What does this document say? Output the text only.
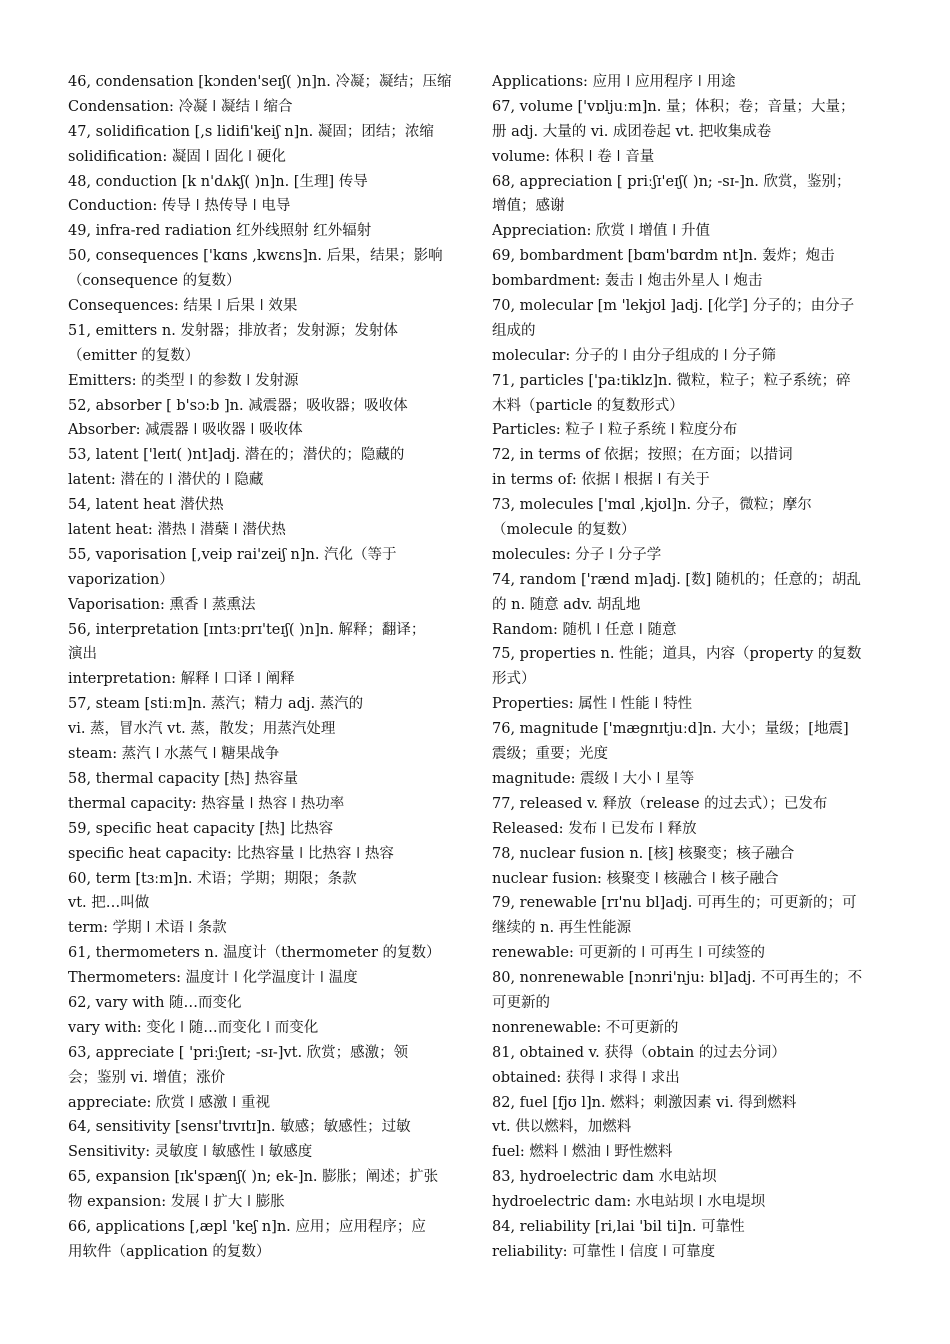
46, condensation [kɔnden'seɪʃ( )n]n. 冷凝；凝结；压缩

Condensation: 冷凝 ǀ 凝结 ǀ 缩合

47, solidification [,s lidifi'keiʃ n]n. 凝固；团结；浓缩

solidification: 凝固 ǀ 固化 ǀ 硬化

48, conduction [k n'dʌkʃ( )n]n. [生理] 传导

Conduction: 传导 ǀ 热传导 ǀ 电导

49, infra-red radiation 红外线照射 红外辐射

50, consequences ['kɑns ,kwɛns]n. 后果，结果；影响

（consequence 的复数）

Consequences: 结果 ǀ 后果 ǀ 效果

51, emitters n. 发射器；排放者；发射源；发射体

（emitter 的复数）

Emitters: 的类型 ǀ 的参数 ǀ 发射源

52, absorber [ b'sɔ:b ]n. 减震器；吸收器；吸收体

Absorber: 减震器 ǀ 吸收器 ǀ 吸收体

53, latent ['leɪt( )nt]adj. 潜在的；潜伏的；隐藏的

latent: 潜在的 ǀ 潜伏的 ǀ 隐藏

54, latent heat 潜伏热

latent heat: 潜热 ǀ 潜蘖 ǀ 潜伏热

55, vaporisation [,veip rai'zeiʃ n]n. 汽化（等于

vaporization）

Vaporisation: 熏香 ǀ 蒸熏法

56, interpretation [ɪntɜːprɪ'teɪʃ( )n]n. 解释；翻译；

演出

interpretation: 解释 ǀ 口译 ǀ 阐释

57, steam [stiːm]n. 蒸汽；精力 adj. 蒸汽的

vi. 蒸，冒水汽 vt. 蒸，散发；用蒸汽处理

steam: 蒸汽 ǀ 水蒸气 ǀ 糖果战争

58, thermal capacity [热] 热容量

thermal capacity: 热容量 ǀ 热容 ǀ 热功率

59, specific heat capacity [热] 比热容

specific heat capacity: 比热容量 ǀ 比热容 ǀ 热容

60, term [tɜːm]n. 术语；学期；期限；条款

vt. 把…叫做

term: 学期 ǀ 术语 ǀ 条款

61, thermometers n. 温度计（thermometer 的复数）

Thermometers: 温度计 ǀ 化学温度计 ǀ 温度

62, vary with 随…而变化

vary with: 变化 ǀ 随…而变化 ǀ 而变化

63, appreciate [ 'priːʃɪeɪt; -sɪ-]vt. 欣赏；感激；领

会；鉴别 vi. 增值；涨价

appreciate: 欣赏 ǀ 感激 ǀ 重视

64, sensitivity [sensɪ'tɪvɪtɪ]n. 敏感；敏感性；过敏

Sensitivity: 灵敏度 ǀ 敏感性 ǀ 敏感度

65, expansion [ɪk'spænʃ( )n; ek-]n. 膨胀；阐述；扩张

物 expansion: 发展 ǀ 扩大 ǀ 膨胀

66, applications [,æpl 'keʃ n]n. 应用；应用程序；应

用软件（application 的复数）

Applications: 应用 ǀ 应用程序 ǀ 用途

67, volume ['vɒljuːm]n. 量；体积；卷；音量；大量；

册 adj. 大量的 vi. 成团卷起 vt. 把收集成卷

volume: 体积 ǀ 卷 ǀ 音量

68, appreciation [ priːʃɪ'eɪʃ( )n; -sɪ-]n. 欣赏，鉴别；

增值；感谢

Appreciation: 欣赏 ǀ 增值 ǀ 升值

69, bombardment [bɑm'bɑrdm nt]n. 轰炸；炮击

bombardment: 轰击 ǀ 炮击外星人 ǀ 炮击

70, molecular [m 'lekjʊl ]adj. [化学] 分子的；由分子

组成的

molecular: 分子的 ǀ 由分子组成的 ǀ 分子筛

71, particles ['pa:tiklz]n. 微粒，粒子；粒子系统；碎

木料（particle 的复数形式）

Particles: 粒子 ǀ 粒子系统 ǀ 粒度分布

72, in terms of 依据；按照；在方面；以措词

in terms of: 依据 ǀ 根据 ǀ 有关于

73, molecules ['mɑl ,kjʊl]n. 分子，微粒；摩尔

（molecule 的复数）

molecules: 分子 ǀ 分子学

74, random ['rænd m]adj. [数] 随机的；任意的；胡乱

的 n. 随意 adv. 胡乱地

Random: 随机 ǀ 任意 ǀ 随意

75, properties n. 性能；道具，内容（property 的复数

形式）

Properties: 属性 ǀ 性能 ǀ 特性

76, magnitude ['mægnɪtjuːd]n. 大小；量级；[地震]

震级；重要；光度

magnitude: 震级 ǀ 大小 ǀ 星等

77, released v. 释放（release 的过去式）；已发布

Released: 发布 ǀ 已发布 ǀ 释放

78, nuclear fusion n. [核] 核聚变；核子融合

nuclear fusion: 核聚变 ǀ 核融合 ǀ 核子融合

79, renewable [rɪ'nu bl]adj. 可再生的；可更新的；可

继续的 n. 再生性能源

renewable: 可更新的 ǀ 可再生 ǀ 可续签的

80, nonrenewable [nɔnri'nju: bl]adj. 不可再生的；不

可更新的

nonrenewable: 不可更新的

81, obtained v. 获得（obtain 的过去分词）

obtained: 获得 ǀ 求得 ǀ 求出

82, fuel [fjʊ l]n. 燃料；刺激因素 vi. 得到燃料

vt. 供以燃料，加燃料

fuel: 燃料 ǀ 燃油 ǀ 野性燃料

83, hydroelectric dam 水电站坝

hydroelectric dam: 水电站坝 ǀ 水电堤坝

84, reliability [ri,lai 'bil ti]n. 可靠性

reliability: 可靠性 ǀ 信度 ǀ 可靠度
